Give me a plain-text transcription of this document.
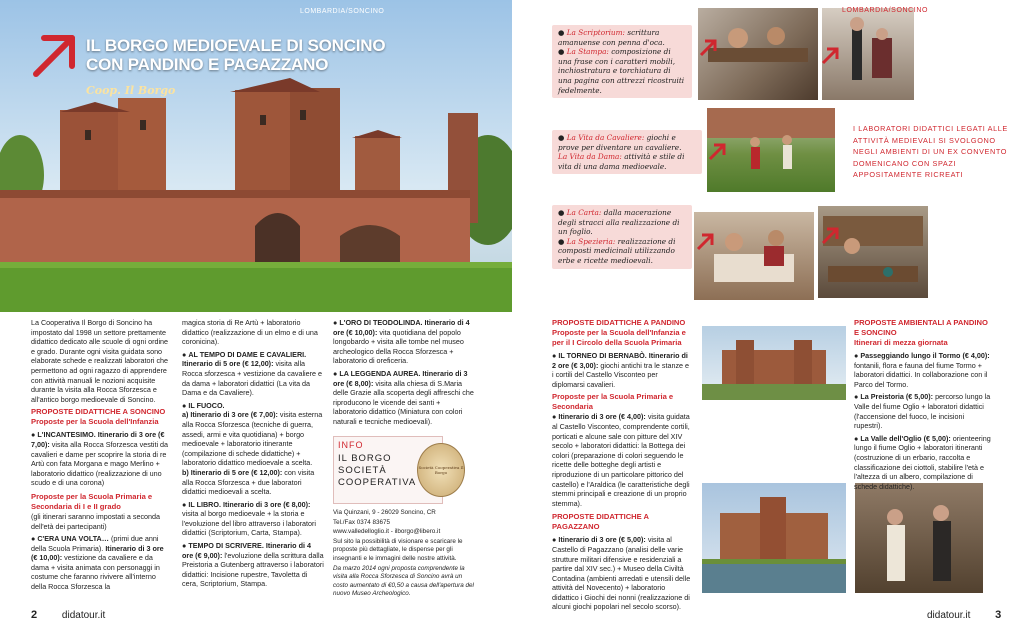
LOMBARDIA/SONCINO
IL BORGO MEDIOEVALE DI SONCINO CON PANDINO E PAGAZZANO
Coop. Il Borgo

La Cooperativa Il Borgo di Soncino ha impostato dal 1998 un settore prettamente didattico dedicato alle scuole di ogni ordine e grado. Durante ogni visita guidata sono elaborate schede e realizzati laboratori che permettono ad ogni ragazzo di apprendere con attività manuali le nozioni acquisite durante la visita alla Rocca Sforzesca e all'antico borgo medioevale di Soncino.

PROPOSTE DIDATTICHE A SONCINO

Proposte per la Scuola dell'Infanzia

● L'INCANTESIMO. Itinerario di 3 ore (€ 7,00): visita alla Rocca Sforzesca vestiti da cavalieri e dame per scoprire la storia di re Artù con fata Morgana e mago Merlino + laboratorio didattico (realizzazione di uno scudo e di una corona)

Proposte per la Scuola Primaria e Secondaria di I e II grado

(gli itinerari saranno impostati a seconda dell'età dei partecipanti)

● C'ERA UNA VOLTA… (primi due anni della Scuola Primaria). Itinerario di 3 ore (€ 10,00): vestizione da cavaliere e da dama + visita animata con personaggi in costume che faranno rivivere all'interno della Rocca Sforzesca la

magica storia di Re Artù + laboratorio didattico (realizzazione di un elmo e di una coronicina).

● AL TEMPO DI DAME E CAVALIERI.
Itinerario di 5 ore (€ 12,00): visita alla Rocca sforzesca + vestizione da cavaliere e da dama + laboratori didattici (La vita da Dama e da Cavaliere).

● IL FUOCO.
a) Itinerario di 3 ore (€ 7,00): visita esterna alla Rocca Sforzesca (tecniche di guerra, assedi, armi e vita quotidiana) + borgo medioevale + laboratorio itinerante (compilazione di schede didattiche) + laboratorio didattico medioevale a scelta.
b) Itinerario di 5 ore (€ 12,00): con visita alla Rocca Sforzesca + due laboratori didattici medioevali a scelta.

● IL LIBRO. Itinerario di 3 ore (€ 8,00): visita al borgo medioevale + la storia e l'evoluzione del libro attraverso i laboratori didattici (Scriptorium, Carta, Stampa).

● TEMPO DI SCRIVERE. Itinerario di 4 ore (€ 9,00): l'evoluzione della scrittura dalla Preistoria a Gutenberg attraverso i laboratori didattici: Incisione rupestre, Tavoletta di cera, Scriptorium, Stampa.

● L'ORO DI TEODOLINDA. Itinerario di 4 ore (€ 10,00): vita quotidiana del popolo longobardo + visita alle tombe nel museo archeologico della Rocca Sforzesca + laboratorio di oreficeria.

● LA LEGGENDA AUREA. Itinerario di 3 ore (€ 8,00): visita alla chiesa di S.Maria delle Grazie alla scoperta degli affreschi che riproducono le vicende dei santi + laboratorio didattico (Miniatura con colori naturali e tecniche medioevali).

INFO
IL BORGO SOCIETÀ COOPERATIVA
Società Cooperativa Il Borgo

Via Quinzani, 9 - 26029 Soncino, CR

Tel./Fax 0374 83675

www.valledelloglio.it - ilborgo@libero.it

Sul sito la possibilità di visionare e scaricare le proposte più dettagliate, le dispense per gli insegnanti e le immagini delle nostre attività.

Da marzo 2014 ogni proposta comprendente la visita alla Rocca Sforzesca di Soncino avrà un costo aumentato di €0,50 a causa dell'apertura del nuovo Museo Archeologico.

2 didatour.it
● La Scriptorium: scrittura amanuense con penna d'oca.
● La Stampa: composizione di una frase con i caratteri mobili, inchiostratura e torchiatura di una pagina con attrezzi ricostruiti fedelmente.
● La Vita da Cavaliere: giochi e prove per diventare un cavaliere.
La Vita da Dama: attività e stile di vita di una dama medioevale.
● La Carta: dalla macerazione degli stracci alla realizzazione di un foglio.
● La Spezieria: realizzazione di composti medicinali utilizzando erbe e ricette medioevali.
LOMBARDIA/SONCINO

PROPOSTE DIDATTICHE A PANDINO

Proposte per la Scuola dell'Infanzia e per il I Circolo della Scuola Primaria

● IL TORNEO DI BERNABÒ. Itinerario di 2 ore (€ 3,00): giochi antichi tra le stanze e i cortili del Castello Visconteo per diplomarsi cavalieri.

Proposte per la Scuola Primaria e Secondaria

● Itinerario di 3 ore (€ 4,00): visita guidata al Castello Visconteo, comprendente cortili, porticati e alcune sale con pitture del XIV secolo + laboratori didattici: la Bottega dei colori (preparazione di colori seguendo le ricette delle botteghe degli artisti e riproduzione di un particolare pittorico del castello) e l'Araldica (le caratteristiche degli stemmi principali e creazione di un proprio stemma).

PROPOSTE DIDATTICHE A PAGAZZANO

● Itinerario di 3 ore (€ 5,00): visita al Castello di Pagazzano (analisi delle varie strutture militari difensive e residenziali a partire dal XIV sec.) + Museo della Civiltà Contadina (ambienti arredati e utensili delle attività del Novecento) + laboratorio didattico i Giochi dei nonni (realizzazione di alcuni giochi popolari nel secolo scorso).

PROPOSTE AMBIENTALI A PANDINO E SONCINO

Itinerari di mezza giornata

● Passeggiando lungo il Tormo (€ 4,00): fontanili, flora e fauna del fiume Tormo + laboratori didattici. In collaborazione con il Parco del Tormo.

● La Preistoria (€ 5,00): percorso lungo la Valle del fiume Oglio + laboratori didattici (l'accensione del fuoco, le incisioni rupestri).

● La Valle dell'Oglio (€ 5,00): orienteering lungo il fiume Oglio + laboratori itineranti (costruzione di un erbario, raccolta e classificazione dei ciottoli, stabilire l'età e l'altezza di un albero, compilazione di schede didattiche).

didatour.it 3
I LABORATORI DIDATTICI LEGATI ALLE ATTIVITÀ MEDIEVALI SI SVOLGONO NEGLI AMBIENTI DI UN EX CONVENTO DOMENICANO CON SPAZI APPOSITAMENTE RICREATI
